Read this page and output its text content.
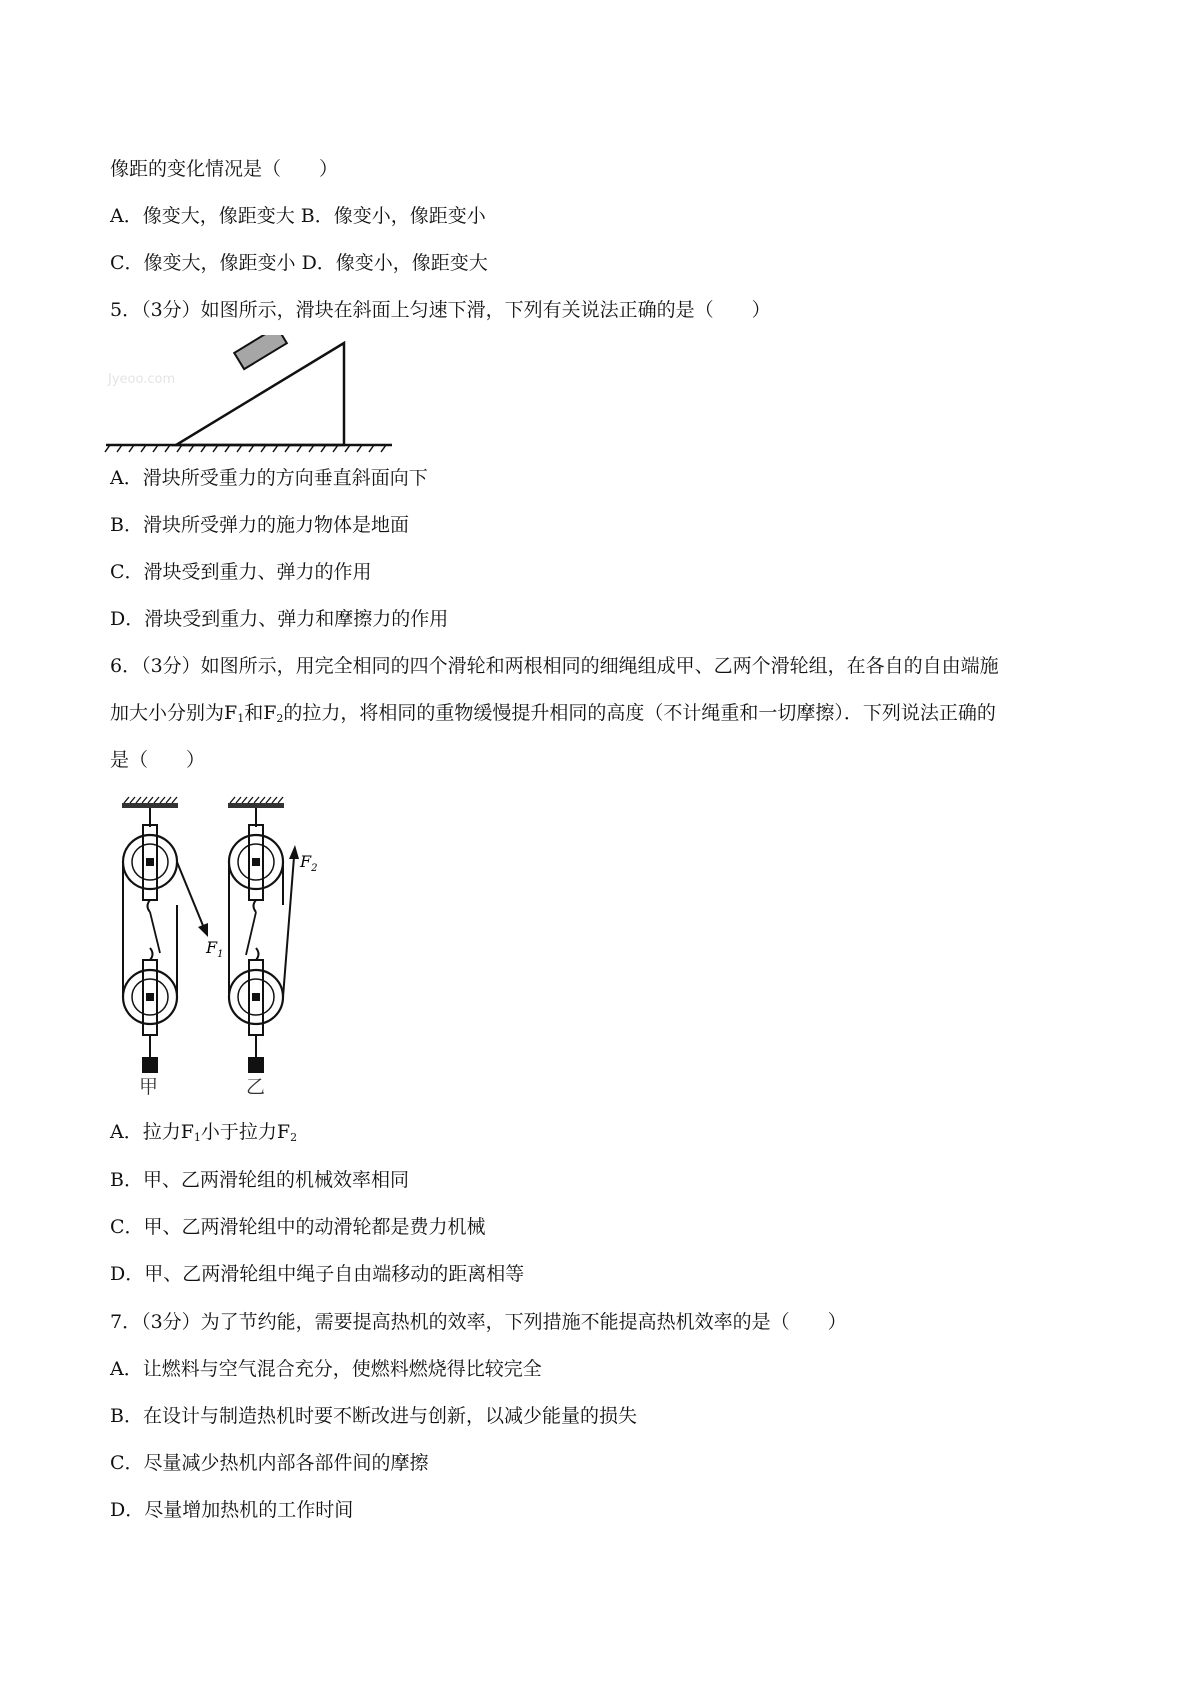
像距的变化情况是（　　）
A．像变大，像距变大 B．像变小，像距变小
C．像变大，像距变小 D．像变小，像距变大
5．（3分）如图所示，滑块在斜面上匀速下滑，下列有关说法正确的是（　　）
Jyeoo.com
A．滑块所受重力的方向垂直斜面向下
B．滑块所受弹力的施力物体是地面
C．滑块受到重力、弹力的作用
D．滑块受到重力、弹力和摩擦力的作用
6．（3分）如图所示，用完全相同的四个滑轮和两根相同的细绳组成甲、乙两个滑轮组，在各自的自由端施
加大小分别为$F_1$和$F_2$的拉力，将相同的重物缓慢提升相同的高度（不计绳重和一切摩擦）．下列说法正确的
是（　　）
$F_1$
甲
$F_2$
乙
A．拉力$F_1$小于拉力$F_2$
B．甲、乙两滑轮组的机械效率相同
C．甲、乙两滑轮组中的动滑轮都是费力机械
D．甲、乙两滑轮组中绳子自由端移动的距离相等
7．（3分）为了节约能，需要提高热机的效率，下列措施不能提高热机效率的是（　　）
A．让燃料与空气混合充分，使燃料燃烧得比较完全
B．在设计与制造热机时要不断改进与创新，以减少能量的损失
C．尽量减少热机内部各部件间的摩擦
D．尽量增加热机的工作时间
